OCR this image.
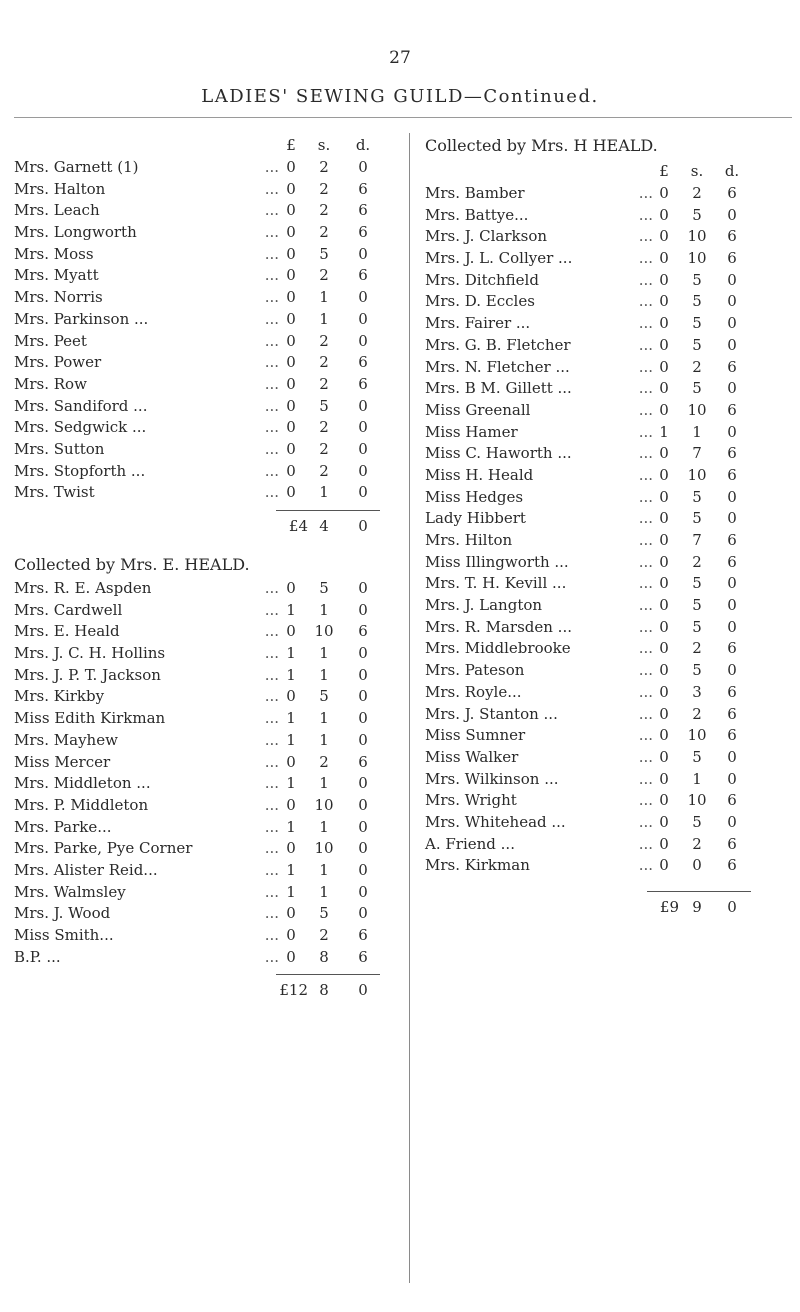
27
LADIES' SEWING GUILD—Continued.
£	s.	d.
Mrs. Garnett (1)	... 0	2	0
Mrs. Halton	... 0	2	6
Mrs. Leach	... 0	2	6
Mrs. Longworth	... 0	2	6
Mrs. Moss	... 0	5	0
Mrs. Myatt	... 0	2	6
Mrs. Norris	... 0	1	0
Mrs. Parkinson ...	... 0	1	0
Mrs. Peet	... 0	2	0
Mrs. Power	... 0	2	6
Mrs. Row	... 0	2	6
Mrs. Sandiford ...	... 0	5	0
Mrs. Sedgwick ...	... 0	2	0
Mrs. Sutton	... 0	2	0
Mrs. Stopforth ...	... 0	2	0
Mrs. Twist	... 0	1	0
£4 4	0
Collected by Mrs. E. HEALD.
Mrs. R. E. Aspden	... 0	5	0
Mrs. Cardwell	... 1	1	0
Mrs. E. Heald	... 0 10 6
Mrs. J. C. H. Hollins	... 1	1	0
Mrs. J. P. T. Jackson	... 1	1	0
Mrs. Kirkby	... 0	5	0
Miss Edith Kirkman	... 1	1	0
Mrs. Mayhew	... 1	1	0
Miss Mercer	... 0	2	6
Mrs. Middleton ...	... 1	1	0
Mrs. P. Middleton	... 0 10 0
Mrs. Parke...	... 1	1	0
Mrs. Parke, Pye Corner	... 0 10 0
Mrs. Alister Reid...	... 1	1	0
Mrs. Walmsley	... 1	1	0
Mrs. J. Wood	... 0	5	0
Miss Smith...	... 0	2	6
B.P. ...	... 0	8	6
£12 8	0
Collected by Mrs. H HEALD.
£	s.	d.
Mrs. Bamber	... 0	2	6
Mrs. Battye...	... 0	5	0
Mrs. J. Clarkson	... 0 10 6
Mrs. J. L. Collyer ...	... 0 10 6
Mrs. Ditchfield	... 0	5	0
Mrs. D. Eccles	... 0	5	0
Mrs. Fairer ...	... 0	5	0
Mrs. G. B. Fletcher	... 0	5	0
Mrs. N. Fletcher ...	... 0	2	6
Mrs. B M. Gillett ...	... 0	5	0
Miss Greenall	... 0 10 6
Miss Hamer	... 1	1	0
Miss C. Haworth ...	... 0	7	6
Miss H. Heald	... 0 10 6
Miss Hedges	... 0	5	0
Lady Hibbert	... 0	5	0
Mrs. Hilton	... 0	7	6
Miss Illingworth ...	... 0	2	6
Mrs. T. H. Kevill ...	... 0	5	0
Mrs. J. Langton	... 0	5	0
Mrs. R. Marsden ...	... 0	5	0
Mrs. Middlebrooke	... 0	2	6
Mrs. Pateson	... 0	5	0
Mrs. Royle...	... 0	3	6
Mrs. J. Stanton ...	... 0	2	6
Miss Sumner	... 0 10 6
Miss Walker	... 0	5	0
Mrs. Wilkinson ...	... 0	1	0
Mrs. Wright	... 0 10 6
Mrs. Whitehead ...	... 0	5	0
A. Friend ...	... 0	2	6
Mrs. Kirkman	... 0	0	6
£9 9	0
